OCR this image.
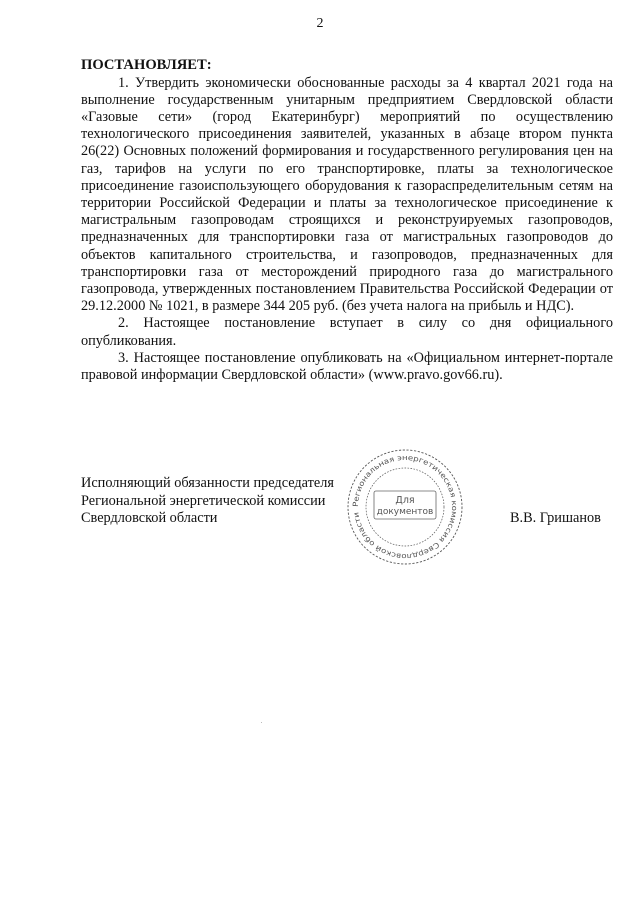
2

ПОСТАНОВЛЯЕТ:

1. Утвердить экономически обоснованные расходы за 4 квартал 2021 года на выполнение государственным унитарным предприятием Свердловской области «Газовые сети» (город Екатеринбург) мероприятий по осуществлению технологического присоединения заявителей, указанных в абзаце втором пункта 26(22) Основных положений формирования и государственного регулирования цен на газ, тарифов на услуги по его транспортировке, платы за технологическое присоединение газоиспользующего оборудования к газораспределительным сетям на территории Российской Федерации и платы за технологическое присоединение к магистральным газопроводам строящихся и реконструируемых газопроводов, предназначенных для транспортировки газа от магистральных газопроводов до объектов капитального строительства, и газопроводов, предназначенных для транспортировки газа от месторождений природного газа до магистрального газопровода, утвержденных постановлением Правительства Российской Федерации от 29.12.2000 № 1021, в размере 344 205 руб. (без учета налога на прибыль и НДС).

2. Настоящее постановление вступает в силу со дня официального опубликования.

3. Настоящее постановление опубликовать на «Официальном интернет-портале правовой информации Свердловской области» (www.pravo.gov66.ru).

Исполняющий обязанности председателя
Региональной энергетической комиссии
Свердловской области
Региональная энергетическая комиссия Свердловской области
Для
документов	В.В. Гришанов
